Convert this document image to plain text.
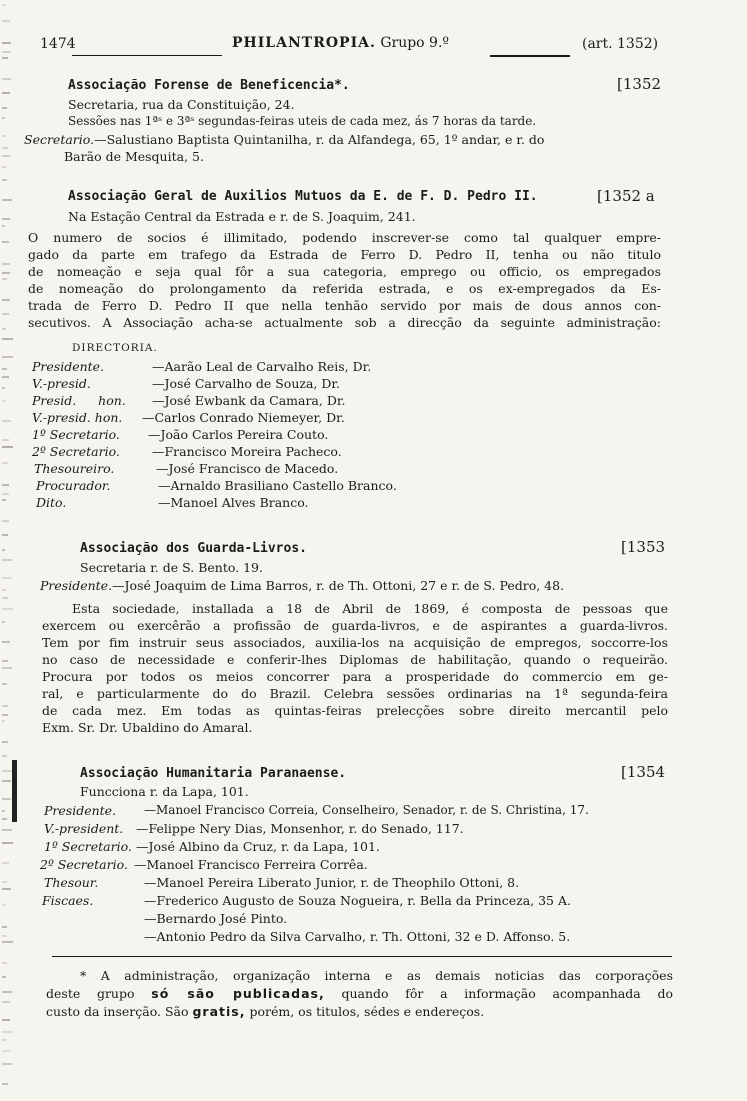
1474	PHILANTROPIA. Grupo 9.º	(art. 1352)
Associação Forense de Beneficencia*.	[1352
Secretaria, rua da Constituição, 24.
Sessões nas 1ªˢ e 3ªˢ segundas-feiras uteis de cada mez, ás 7 horas da tarde.
Secretario.—Salustiano Baptista Quintanilha, r. da Alfandega, 65, 1º andar, e r. do
Barão de Mesquita, 5.
Associação Geral de Auxilios Mutuos da E. de F. D. Pedro II.	[1352 a
Na Estação Central da Estrada e r. de S. Joaquim, 241.
O numero de socios é illimitado, podendo inscrever-se como tal qualquer empre-
gado da parte em trafego da Estrada de Ferro D. Pedro II, tenha ou não titulo
de nomeação e seja qual fôr a sua categoria, emprego ou officio, os empregados
de nomeação do prolongamento da referida estrada, e os ex-empregados da Es-
trada de Ferro D. Pedro II que nella tenhão servido por mais de dous annos con-
secutivos. A Associação acha-se actualmente sob a direcção da seguinte administração:
DIRECTORIA.
Presidente.	—Aarão Leal de Carvalho Reis, Dr.
V.-presid.	—José Carvalho de Souza, Dr.
Presid. hon. —José Ewbank da Camara, Dr.
V.-presid. hon. —Carlos Conrado Niemeyer, Dr.
1º Secretario. —João Carlos Pereira Couto.
2º Secretario.	—Francisco Moreira Pacheco.
Thesoureiro.	—José Francisco de Macedo.
Procurador.	—Arnaldo Brasiliano Castello Branco.
Dito.	—Manoel Alves Branco.
Associação dos Guarda-Livros.	[1353
Secretaria r. de S. Bento. 19.
Presidente.—José Joaquim de Lima Barros, r. de Th. Ottoni, 27 e r. de S. Pedro, 48.
Esta sociedade, installada a 18 de Abril de 1869, é composta de pessoas que
exercem ou exercêrão a profissão de guarda-livros, e de aspirantes a guarda-livros.
Tem por fim instruir seus associados, auxilia-los na acquisição de empregos, soccorre-los
no caso de necessidade e conferir-lhes Diplomas de habilitação, quando o requeirão.
Procura por todos os meios concorrer para a prosperidade do commercio em ge-
ral, e particularmente do do Brazil. Celebra sessões ordinarias na 1ª segunda-feira
de cada mez. Em todas as quintas-feiras prelecções sobre direito mercantil pelo
Exm. Sr. Dr. Ubaldino do Amaral.
Associação Humanitaria Paranaense.	[1354
Funcciona r. da Lapa, 101.
Presidente. —Manoel Francisco Correia, Conselheiro, Senador, r. de S. Christina, 17.
V.-president. —Felippe Nery Dias, Monsenhor, r. do Senado, 117.
1º Secretario. —José Albino da Cruz, r. da Lapa, 101.
2º Secretario. —Manoel Francisco Ferreira Corrêa.
Thesour.	—Manoel Pereira Liberato Junior, r. de Theophilo Ottoni, 8.
Fiscaes.	—Frederico Augusto de Souza Nogueira, r. Bella da Princeza, 35 A.
—Bernardo José Pinto.
—Antonio Pedro da Silva Carvalho, r. Th. Ottoni, 32 e D. Affonso. 5.
* A administração, organização interna e as demais noticias das corporações
deste grupo só são publicadas, quando fôr a informação acompanhada do
custo da inserção. São gratis, porém, os titulos, sédes e endereços.
